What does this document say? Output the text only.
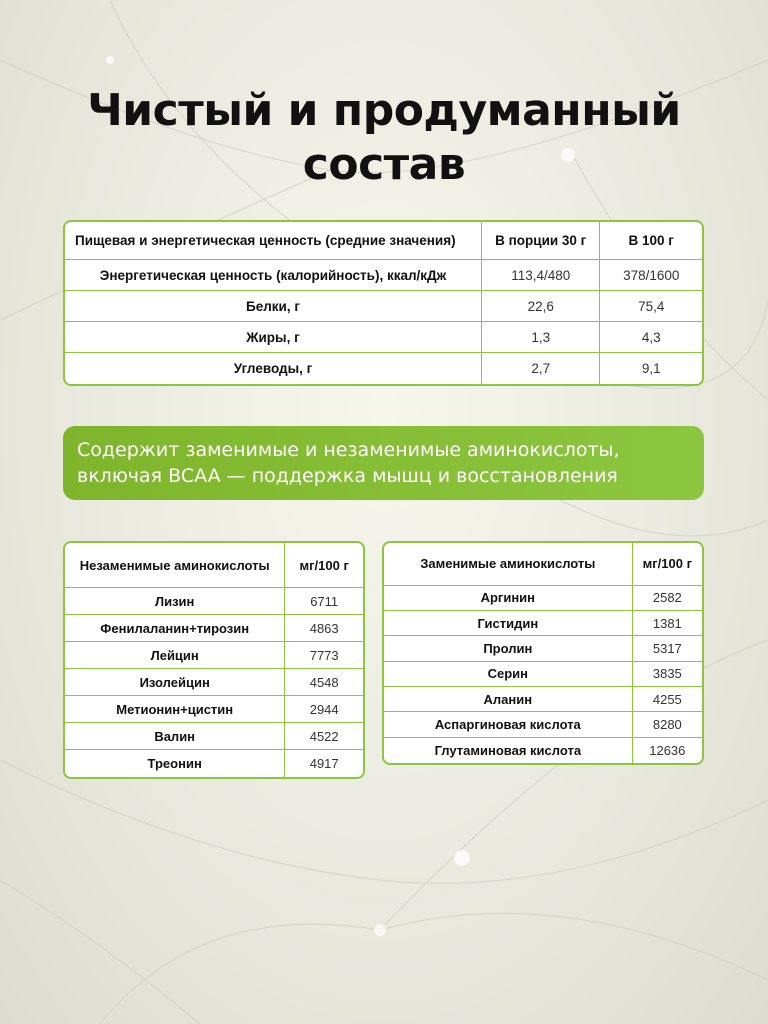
Чистый и продуманный
состав
Пищевая и энергетическая ценность (средние значения)	В порции 30 г	В 100 г
Энергетическая ценность (калорийность), ккал/кДж	113,4/480	378/1600
Белки, г	22,6	75,4
Жиры, г	1,3	4,3
Углеводы, г	2,7	9,1
Содержит заменимые и незаменимые аминокислоты,
включая BCAA — поддержка мышц и восстановления
Незаменимые аминокислоты	мг/100 г
Лизин	6711
Фенилаланин+тирозин	4863
Лейцин	7773
Изолейцин	4548
Метионин+цистин	2944
Валин	4522
Треонин	4917
Заменимые аминокислоты	мг/100 г
Аргинин	2582
Гистидин	1381
Пролин	5317
Серин	3835
Аланин	4255
Аспаргиновая кислота	8280
Глутаминовая кислота	12636
